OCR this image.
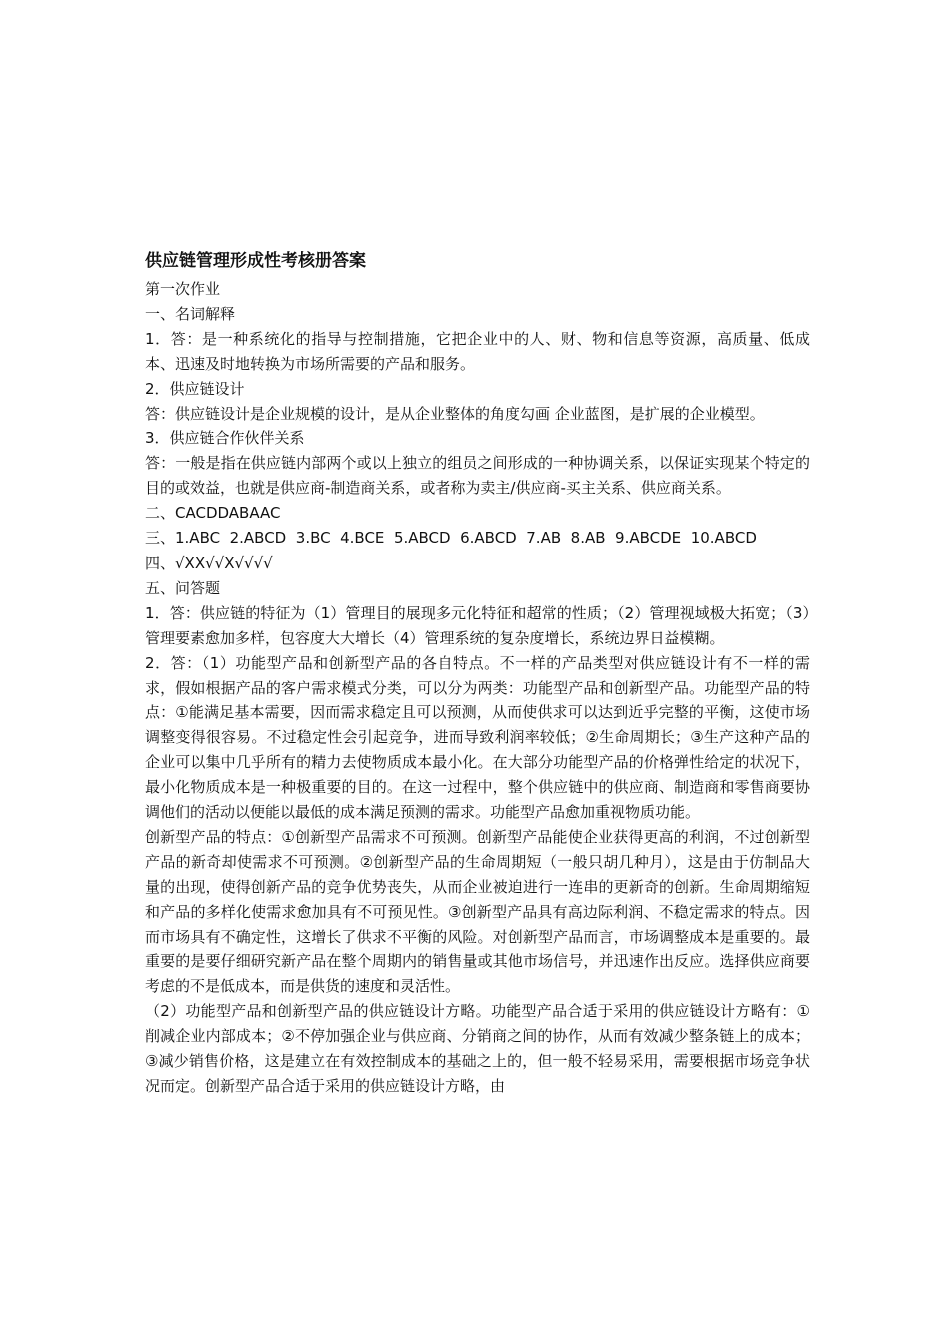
供应链管理形成性考核册答案

第一次作业

一、名词解释

1．答：是一种系统化的指导与控制措施，它把企业中的人、财、物和信息等资源，高质量、低成本、迅速及时地转换为市场所需要的产品和服务。

2．供应链设计

答：供应链设计是企业规模的设计，是从企业整体的角度勾画 企业蓝图，是扩展的企业模型。

3．供应链合作伙伴关系

答：一般是指在供应链内部两个或以上独立的组员之间形成的一种协调关系，以保证实现某个特定的目的或效益，也就是供应商-制造商关系，或者称为卖主/供应商-买主关系、供应商关系。

二、CACDDABAAC

三、1.ABC  2.ABCD  3.BC  4.BCE  5.ABCD  6.ABCD  7.AB  8.AB  9.ABCDE  10.ABCD

四、√XX√√X√√√√

五、问答题

1．答：供应链的特征为（1）管理目的展现多元化特征和超常的性质；（2）管理视域极大拓宽；（3）管理要素愈加多样，包容度大大增长（4）管理系统的复杂度增长，系统边界日益模糊。

2．答：（1）功能型产品和创新型产品的各自特点。不一样的产品类型对供应链设计有不一样的需求，假如根据产品的客户需求模式分类，可以分为两类：功能型产品和创新型产品。功能型产品的特点：①能满足基本需要，因而需求稳定且可以预测，从而使供求可以达到近乎完整的平衡，这使市场调整变得很容易。不过稳定性会引起竞争，进而导致利润率较低；②生命周期长；③生产这种产品的企业可以集中几乎所有的精力去使物质成本最小化。在大部分功能型产品的价格弹性给定的状况下，最小化物质成本是一种极重要的目的。在这一过程中，整个供应链中的供应商、制造商和零售商要协调他们的活动以便能以最低的成本满足预测的需求。功能型产品愈加重视物质功能。

创新型产品的特点：①创新型产品需求不可预测。创新型产品能使企业获得更高的利润，不过创新型产品的新奇却使需求不可预测。②创新型产品的生命周期短（一般只胡几种月），这是由于仿制品大量的出现，使得创新产品的竞争优势丧失，从而企业被迫进行一连串的更新奇的创新。生命周期缩短和产品的多样化使需求愈加具有不可预见性。③创新型产品具有高边际利润、不稳定需求的特点。因而市场具有不确定性，这增长了供求不平衡的风险。对创新型产品而言，市场调整成本是重要的。最重要的是要仔细研究新产品在整个周期内的销售量或其他市场信号，并迅速作出反应。选择供应商要考虑的不是低成本，而是供货的速度和灵活性。

（2）功能型产品和创新型产品的供应链设计方略。功能型产品合适于采用的供应链设计方略有：①削减企业内部成本；②不停加强企业与供应商、分销商之间的协作，从而有效减少整条链上的成本；③减少销售价格，这是建立在有效控制成本的基础之上的，但一般不轻易采用，需要根据市场竞争状况而定。创新型产品合适于采用的供应链设计方略，由
